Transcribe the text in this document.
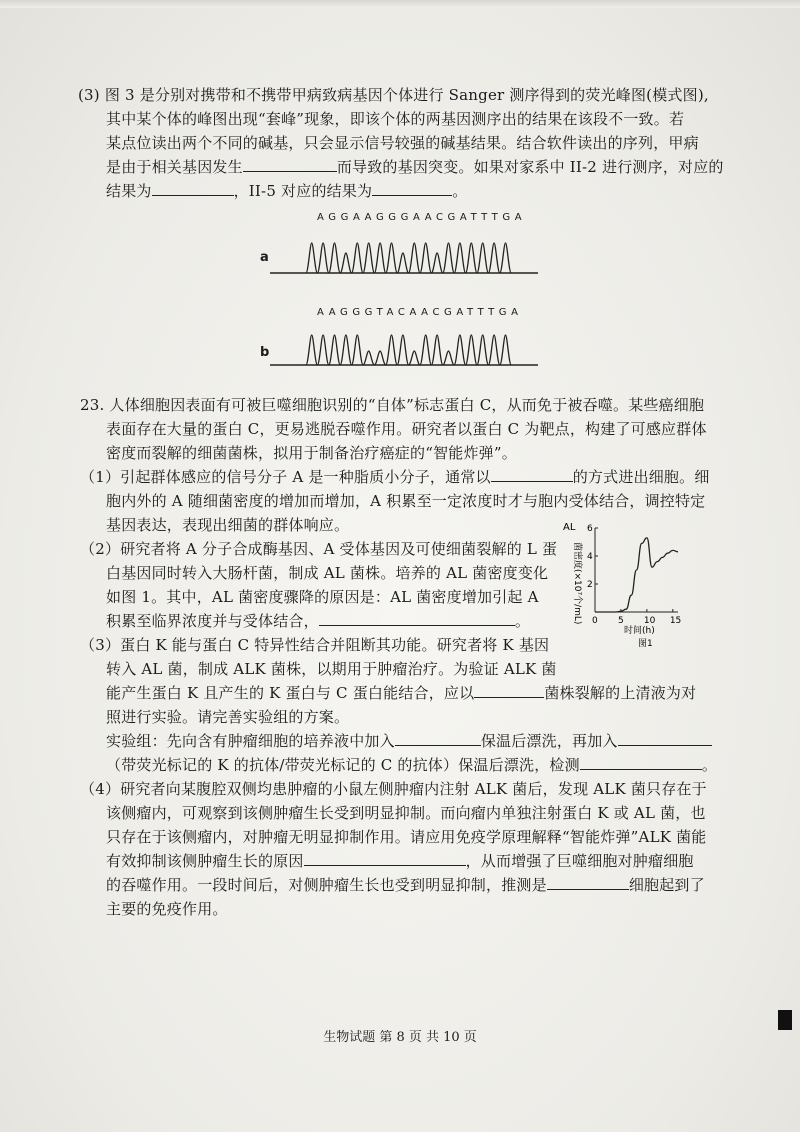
(3) 图 3 是分别对携带和不携带甲病致病基因个体进行 Sanger 测序得到的荧光峰图(模式图),
其中某个体的峰图出现“套峰”现象，即该个体的两基因测序出的结果在该段不一致。若
某点位读出两个不同的碱基，只会显示信号较强的碱基结果。结合软件读出的序列，甲病
是由于相关基因发生	而导致的基因突变。如果对家系中 II-2 进行测序，对应的
结果为	，II-5 对应的结果为	。
AGGAAGGGAACGATTTGA
a
AAGGGTACAACGATTTGA
b
23. 人体细胞因表面有可被巨噬细胞识别的“自体”标志蛋白 C，从而免于被吞噬。某些癌细胞
表面存在大量的蛋白 C，更易逃脱吞噬作用。研究者以蛋白 C 为靶点，构建了可感应群体
密度而裂解的细菌菌株，拟用于制备治疗癌症的“智能炸弹”。
（1）引起群体感应的信号分子 A 是一种脂质小分子，通常以	的方式进出细胞。细
胞内外的 A 随细菌密度的增加而增加，A 积累至一定浓度时才与胞内受体结合，调控特定
基因表达，表现出细菌的群体响应。
（2）研究者将 A 分子合成酶基因、A 受体基因及可使细菌裂解的 L 蛋
白基因同时转入大肠杆菌，制成 AL 菌株。培养的 AL 菌密度变化
如图 1。其中，AL 菌密度骤降的原因是：AL 菌密度增加引起 A
积累至临界浓度并与受体结合，	。
AL
菌密度(×10⁷个/mL)
6
4
2
0 5 10 15
时间(h)
图1
（3）蛋白 K 能与蛋白 C 特异性结合并阻断其功能。研究者将 K 基因
转入 AL 菌，制成 ALK 菌株，以期用于肿瘤治疗。为验证 ALK 菌
能产生蛋白 K 且产生的 K 蛋白与 C 蛋白能结合，应以	菌株裂解的上清液为对
照进行实验。请完善实验组的方案。
实验组：先向含有肿瘤细胞的培养液中加入	保温后漂洗，再加入
（带荧光标记的 K 的抗体/带荧光标记的 C 的抗体）保温后漂洗，检测	。
（4）研究者向某腹腔双侧均患肿瘤的小鼠左侧肿瘤内注射 ALK 菌后，发现 ALK 菌只存在于
该侧瘤内，可观察到该侧肿瘤生长受到明显抑制。而向瘤内单独注射蛋白 K 或 AL 菌，也
只存在于该侧瘤内，对肿瘤无明显抑制作用。请应用免疫学原理解释“智能炸弹”ALK 菌能
有效抑制该侧肿瘤生长的原因	，从而增强了巨噬细胞对肿瘤细胞
的吞噬作用。一段时间后，对侧肿瘤生长也受到明显抑制，推测是	细胞起到了
主要的免疫作用。
生物试题 第 8 页 共 10 页
